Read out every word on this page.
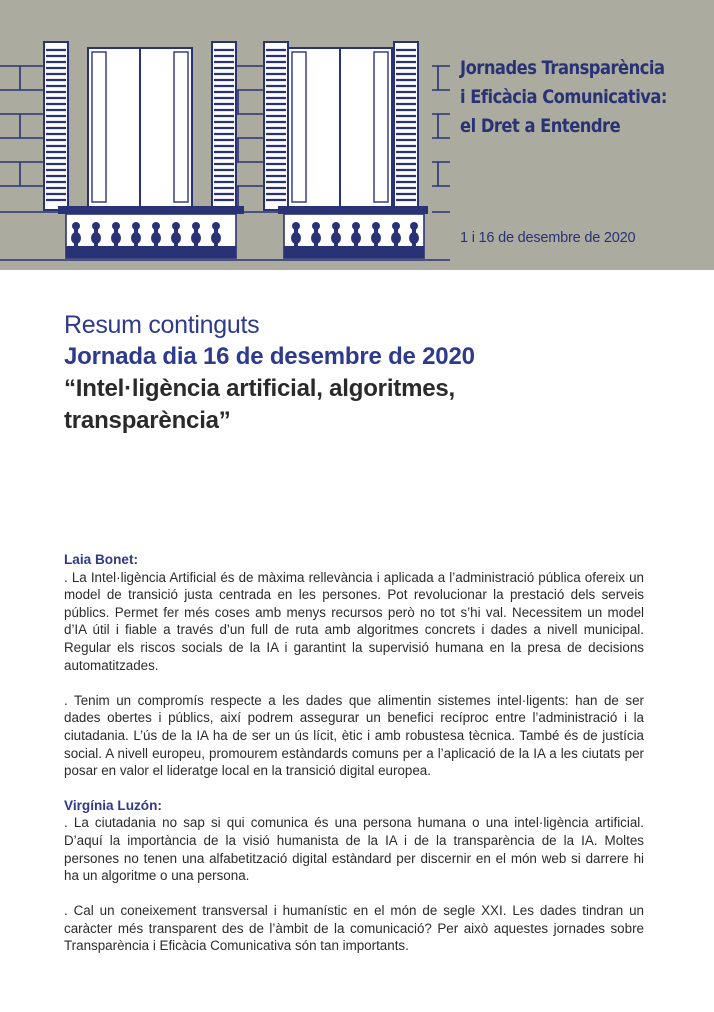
Jornades Transparència
i Eficàcia Comunicativa:
el Dret a Entendre
1 i 16 de desembre de 2020
Resum continguts
Jornada dia 16 de desembre de 2020
“Intel·ligència artificial, algoritmes,
transparència”
Laia Bonet:

. La Intel·ligència Artificial és de màxima rellevància i aplicada a l’administració pública ofereix un model de transició justa centrada en les persones. Pot revolucionar la prestació dels serveis públics. Permet fer més coses amb menys recursos però no tot s’hi val. Necessitem un model d’IA útil i fiable a través d’un full de ruta amb algoritmes concrets i dades a nivell municipal. Regular els riscos socials de la IA i garantint la supervisió humana en la presa de decisions automatitzades.

. Tenim un compromís respecte a les dades que alimentin sistemes intel·ligents: han de ser dades obertes i públics, així podrem assegurar un benefici recíproc entre l’administració i la ciutadania. L’ús de la IA ha de ser un ús lícit, ètic i amb robustesa tècnica. També és de justícia social. A nivell europeu, promourem estàndards comuns per a l’aplicació de la IA a les ciutats per posar en valor el lideratge local en la transició digital europea.

Virgínia Luzón:

. La ciutadania no sap si qui comunica és una persona humana o una intel·ligència artificial. D’aquí la importància de la visió humanista de la IA i de la transparència de la IA. Moltes persones no tenen una alfabetització digital estàndard per discernir en el món web si darrere hi ha un algoritme o una persona.

. Cal un coneixement transversal i humanístic en el món de segle XXI. Les dades tindran un caràcter més transparent des de l’àmbit de la comunicació? Per això aquestes jornades sobre Transparència i Eficàcia Comunicativa són tan importants.
